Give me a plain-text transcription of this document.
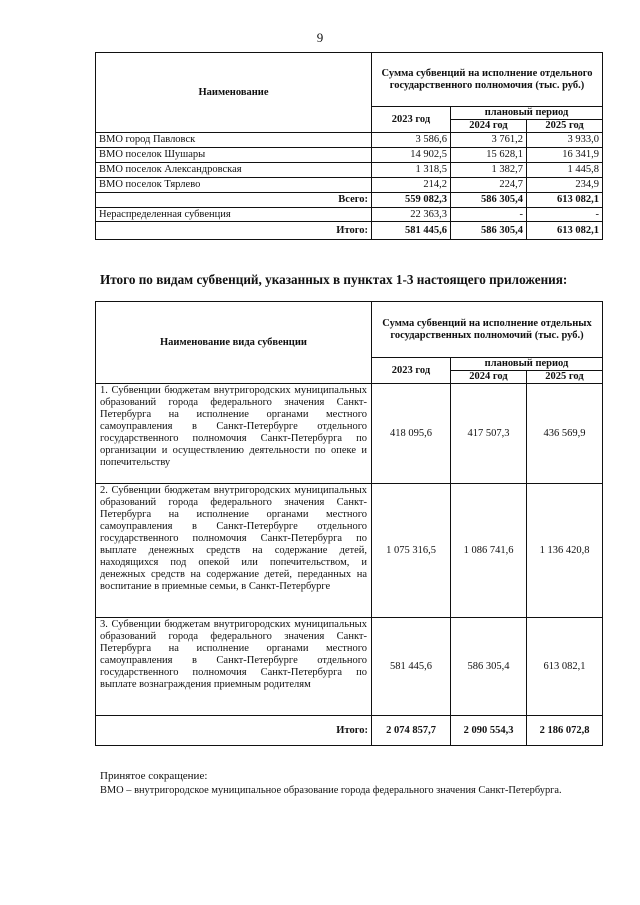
9
Наименование	Сумма субвенций на исполнение отдельного государственного полномочия (тыс. руб.)		
	2023 год	плановый период	
		2024 год	2025 год
ВМО город Павловск	3 586,6	3 761,2	3 933,0
ВМО поселок Шушары	14 902,5	15 628,1	16 341,9
ВМО поселок Александровская	1 318,5	1 382,7	1 445,8
ВМО поселок Тярлево	214,2	224,7	234,9
Всего:	559 082,3	586 305,4	613 082,1
Нераспределенная субвенция	22 363,3	-	-
Итого:	581 445,6	586 305,4	613 082,1
Итого по видам субвенций, указанных в пунктах 1-3 настоящего приложения:
Наименование вида субвенции	Сумма субвенций на исполнение отдельных государственных полномочий (тыс. руб.)		
	2023 год	плановый период	
		2024 год	2025 год
1. Субвенции бюджетам внутригородских муниципальных образований города федерального значения Санкт-Петербурга на исполнение органами местного самоуправления в Санкт-Петербурге отдельного государственного полномочия Санкт-Петербурга по организации и осуществлению деятельности по опеке и попечительству	418 095,6	417 507,3	436 569,9
2. Субвенции бюджетам внутригородских муниципальных образований города федерального значения Санкт-Петербурга на исполнение органами местного самоуправления в Санкт-Петербурге отдельного государственного полномочия Санкт-Петербурга по выплате денежных средств на содержание детей, находящихся под опекой или попечительством, и денежных средств на содержание детей, переданных на воспитание в приемные семьи, в Санкт-Петербурге	1 075 316,5	1 086 741,6	1 136 420,8
3. Субвенции бюджетам внутригородских муниципальных образований города федерального значения Санкт-Петербурга на исполнение органами местного самоуправления в Санкт-Петербурге отдельного государственного полномочия Санкт-Петербурга по выплате вознаграждения приемным родителям	581 445,6	586 305,4	613 082,1
Итого:	2 074 857,7	2 090 554,3	2 186 072,8
Принятое сокращение:
ВМО – внутригородское муниципальное образование города федерального значения Санкт-Петербурга.
